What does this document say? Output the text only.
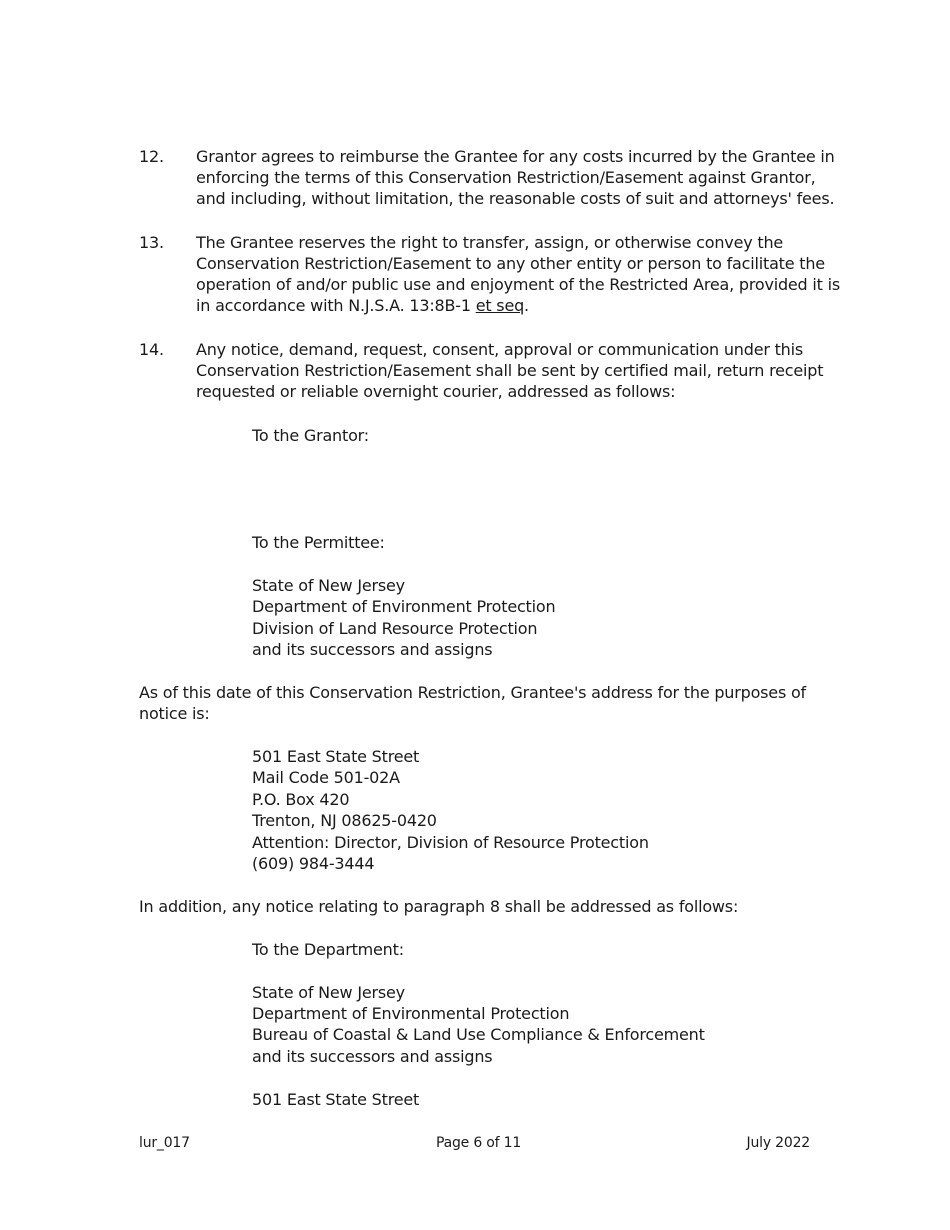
12. Grantor agrees to reimburse the Grantee for any costs incurred by the Grantee in
enforcing the terms of this Conservation Restriction/Easement against Grantor,
and including, without limitation, the reasonable costs of suit and attorneys' fees.
13. The Grantee reserves the right to transfer, assign, or otherwise convey the
Conservation Restriction/Easement to any other entity or person to facilitate the
operation of and/or public use and enjoyment of the Restricted Area, provided it is
in accordance with N.J.S.A. 13:8B-1 et seq.
14. Any notice, demand, request, consent, approval or communication under this
Conservation Restriction/Easement shall be sent by certified mail, return receipt
requested or reliable overnight courier, addressed as follows:
To the Grantor:
To the Permittee:
State of New Jersey
Department of Environment Protection
Division of Land Resource Protection
and its successors and assigns
As of this date of this Conservation Restriction, Grantee's address for the purposes of
notice is:
501 East State Street
Mail Code 501-02A
P.O. Box 420
Trenton, NJ 08625-0420
Attention: Director, Division of Resource Protection
(609) 984-3444
In addition, any notice relating to paragraph 8 shall be addressed as follows:
To the Department:
State of New Jersey
Department of Environmental Protection
Bureau of Coastal & Land Use Compliance & Enforcement
and its successors and assigns
501 East State Street
lur_017	Page 6 of 11	July 2022
